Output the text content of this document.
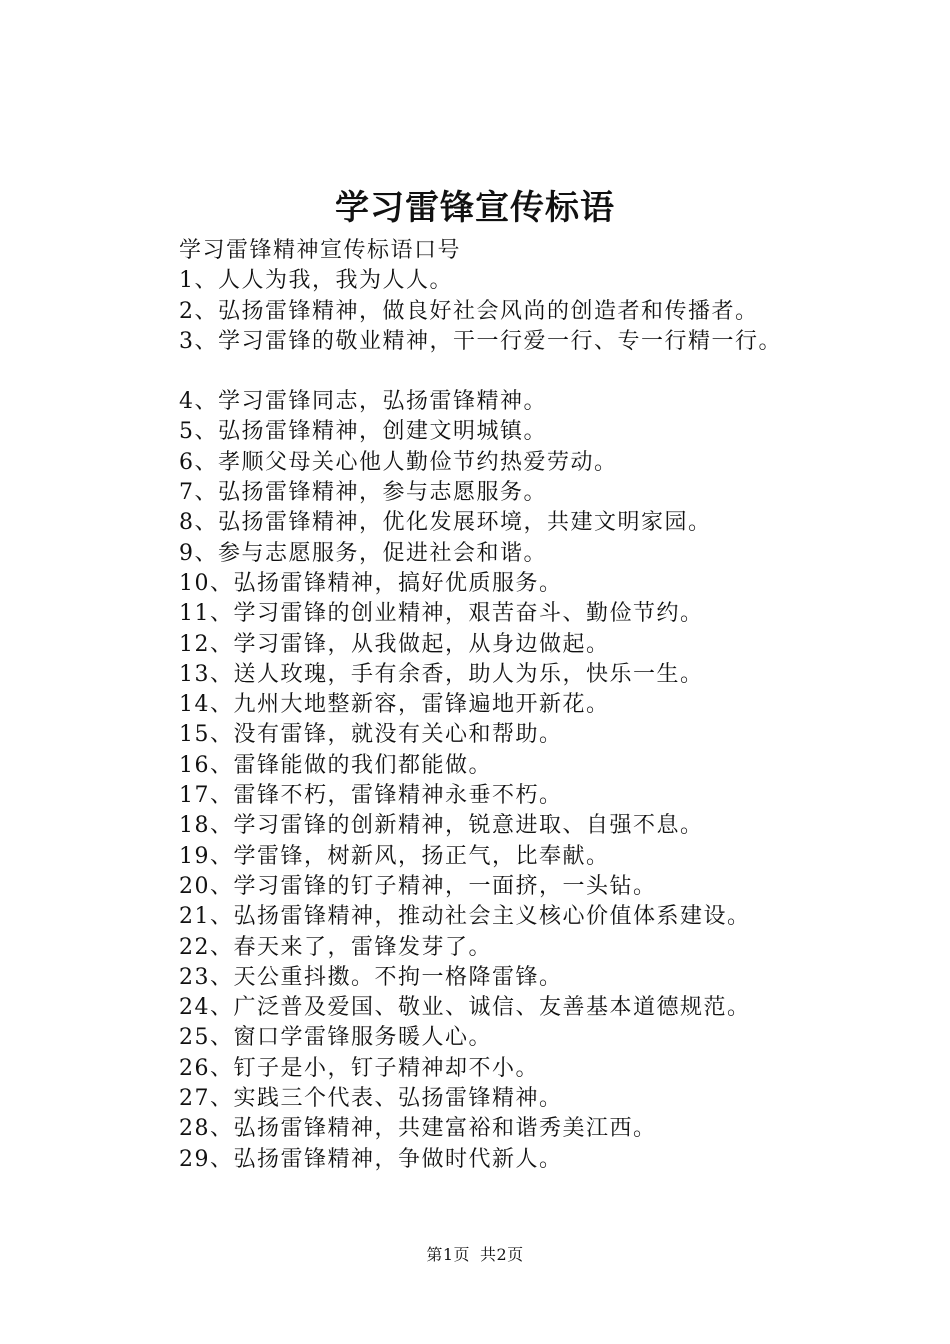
学习雷锋宣传标语
学习雷锋精神宣传标语口号
1、人人为我，我为人人。
2、弘扬雷锋精神，做良好社会风尚的创造者和传播者。
3、学习雷锋的敬业精神，干一行爱一行、专一行精一行。
4、学习雷锋同志，弘扬雷锋精神。
5、弘扬雷锋精神，创建文明城镇。
6、孝顺父母关心他人勤俭节约热爱劳动。
7、弘扬雷锋精神，参与志愿服务。
8、弘扬雷锋精神，优化发展环境，共建文明家园。
9、参与志愿服务，促进社会和谐。
10、弘扬雷锋精神，搞好优质服务。
11、学习雷锋的创业精神，艰苦奋斗、勤俭节约。
12、学习雷锋，从我做起，从身边做起。
13、送人玫瑰，手有余香，助人为乐，快乐一生。
14、九州大地整新容，雷锋遍地开新花。
15、没有雷锋，就没有关心和帮助。
16、雷锋能做的我们都能做。
17、雷锋不朽，雷锋精神永垂不朽。
18、学习雷锋的创新精神，锐意进取、自强不息。
19、学雷锋，树新风，扬正气，比奉献。
20、学习雷锋的钉子精神，一面挤，一头钻。
21、弘扬雷锋精神，推动社会主义核心价值体系建设。
22、春天来了，雷锋发芽了。
23、天公重抖擞。不拘一格降雷锋。
24、广泛普及爱国、敬业、诚信、友善基本道德规范。
25、窗口学雷锋服务暖人心。
26、钉子是小，钉子精神却不小。
27、实践三个代表、弘扬雷锋精神。
28、弘扬雷锋精神，共建富裕和谐秀美江西。
29、弘扬雷锋精神，争做时代新人。
第1页 共2页
